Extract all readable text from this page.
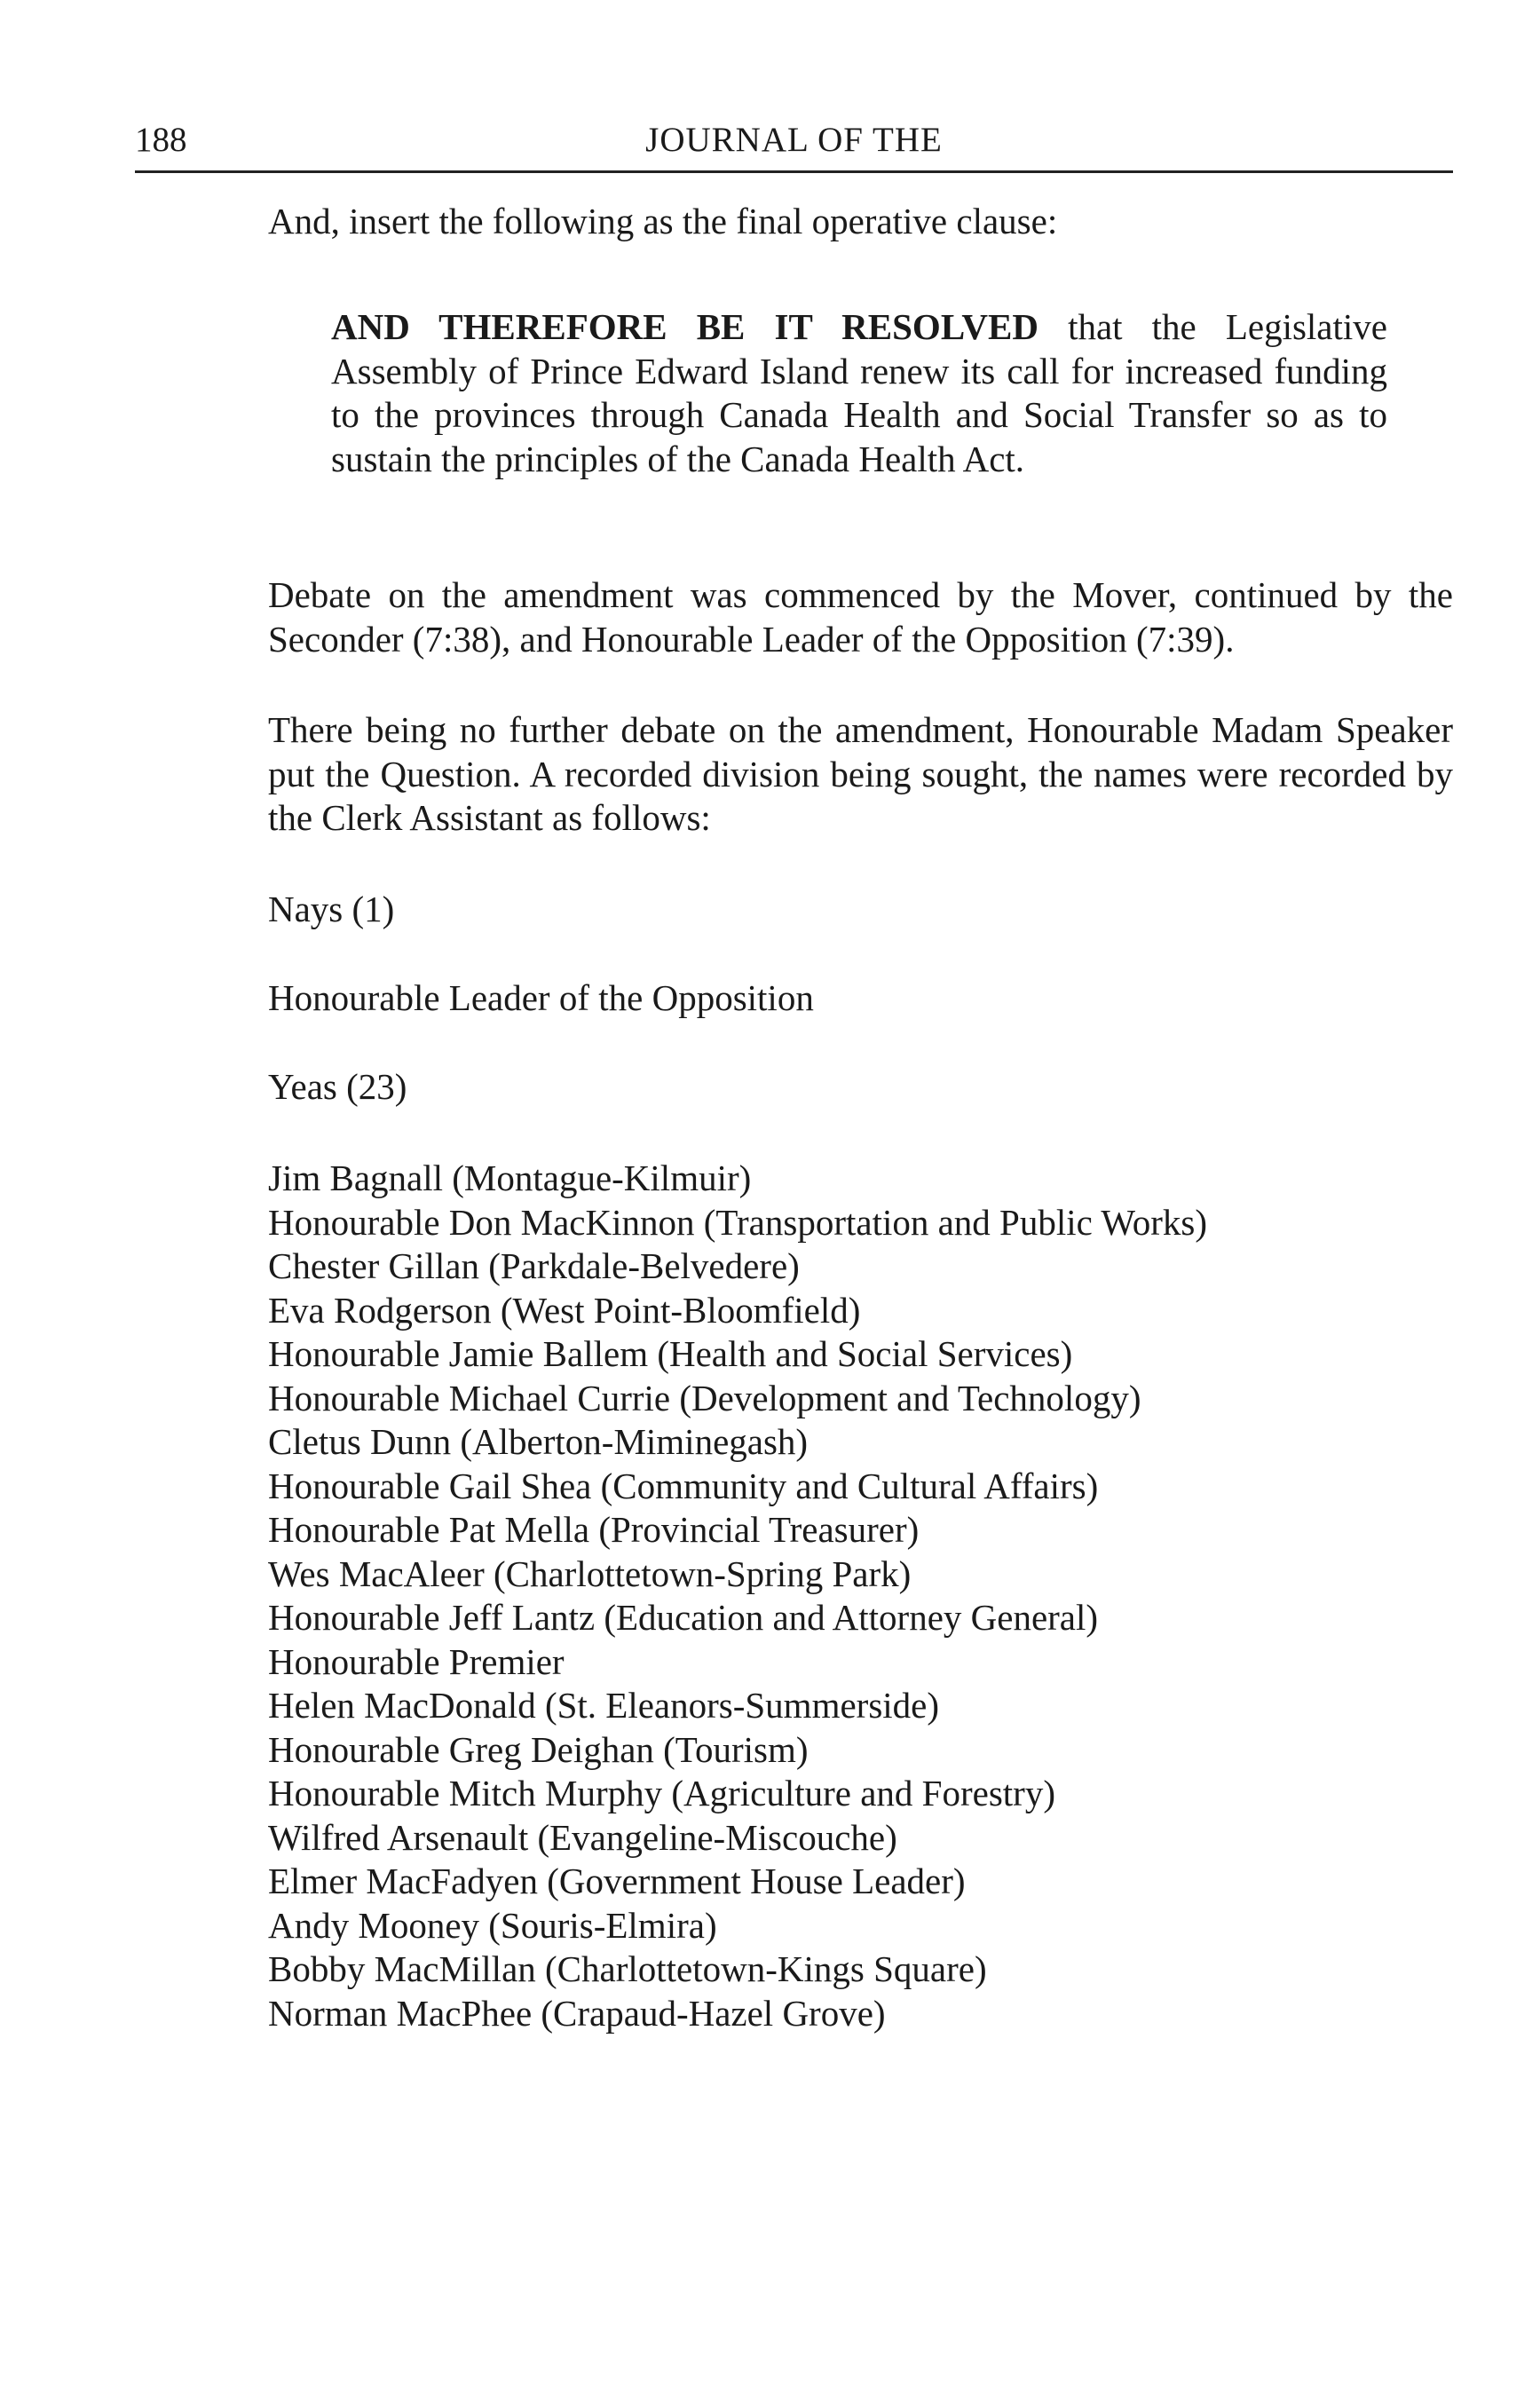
188	JOURNAL OF THE

And, insert the following as the final operative clause:

AND THEREFORE BE IT RESOLVED that the Legislative Assembly of Prince Edward Island renew its call for increased funding to the provinces through Canada Health and Social Transfer so as to sustain the principles of the Canada Health Act.

Debate on the amendment was commenced by the Mover, continued by the Seconder (7:38), and Honourable Leader of the Opposition (7:39).

There being no further debate on the amendment, Honourable Madam Speaker put the Question. A recorded division being sought, the names were recorded by the Clerk Assistant as follows:

Nays (1)

Honourable Leader of the Opposition

Yeas (23)

Jim Bagnall (Montague-Kilmuir)
Honourable Don MacKinnon (Transportation and Public Works)
Chester Gillan (Parkdale-Belvedere)
Eva Rodgerson (West Point-Bloomfield)
Honourable Jamie Ballem (Health and Social Services)
Honourable Michael Currie (Development and Technology)
Cletus Dunn (Alberton-Miminegash)
Honourable Gail Shea (Community and Cultural Affairs)
Honourable Pat Mella (Provincial Treasurer)
Wes MacAleer (Charlottetown-Spring Park)
Honourable Jeff Lantz (Education and Attorney General)
Honourable Premier
Helen MacDonald (St. Eleanors-Summerside)
Honourable Greg Deighan (Tourism)
Honourable Mitch Murphy (Agriculture and Forestry)
Wilfred Arsenault (Evangeline-Miscouche)
Elmer MacFadyen (Government House Leader)
Andy Mooney (Souris-Elmira)
Bobby MacMillan (Charlottetown-Kings Square)
Norman MacPhee (Crapaud-Hazel Grove)
